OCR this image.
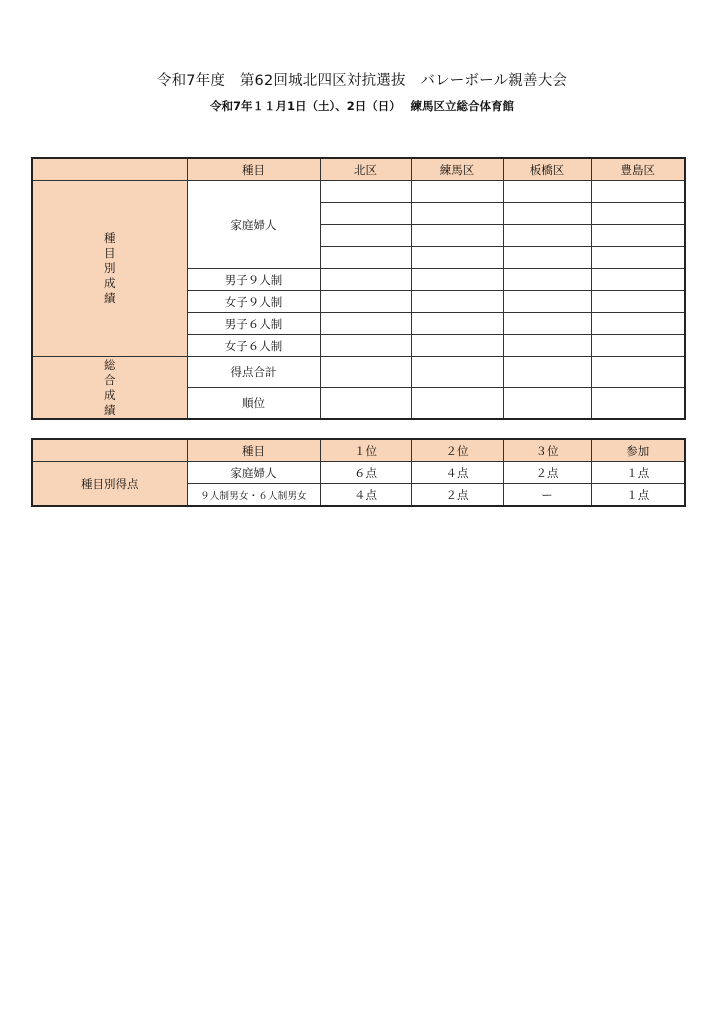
令和7年度　第62回城北四区対抗選抜　バレーボール親善大会
令和7年１１月1日（土）、2日（日）　 練馬区立総合体育館
	種目	北区	練馬区	板橋区	豊島区

種目別成績	家庭婦人				

	男子９人制				
	女子９人制				
	男子６人制				
	女子６人制				

総合成績	得点合計				
	順位				
	種目	１位	２位	３位	参加
種目別得点	家庭婦人	６点	４点	２点	１点
	９人制男女・６人制男女	４点	２点	ー	１点
